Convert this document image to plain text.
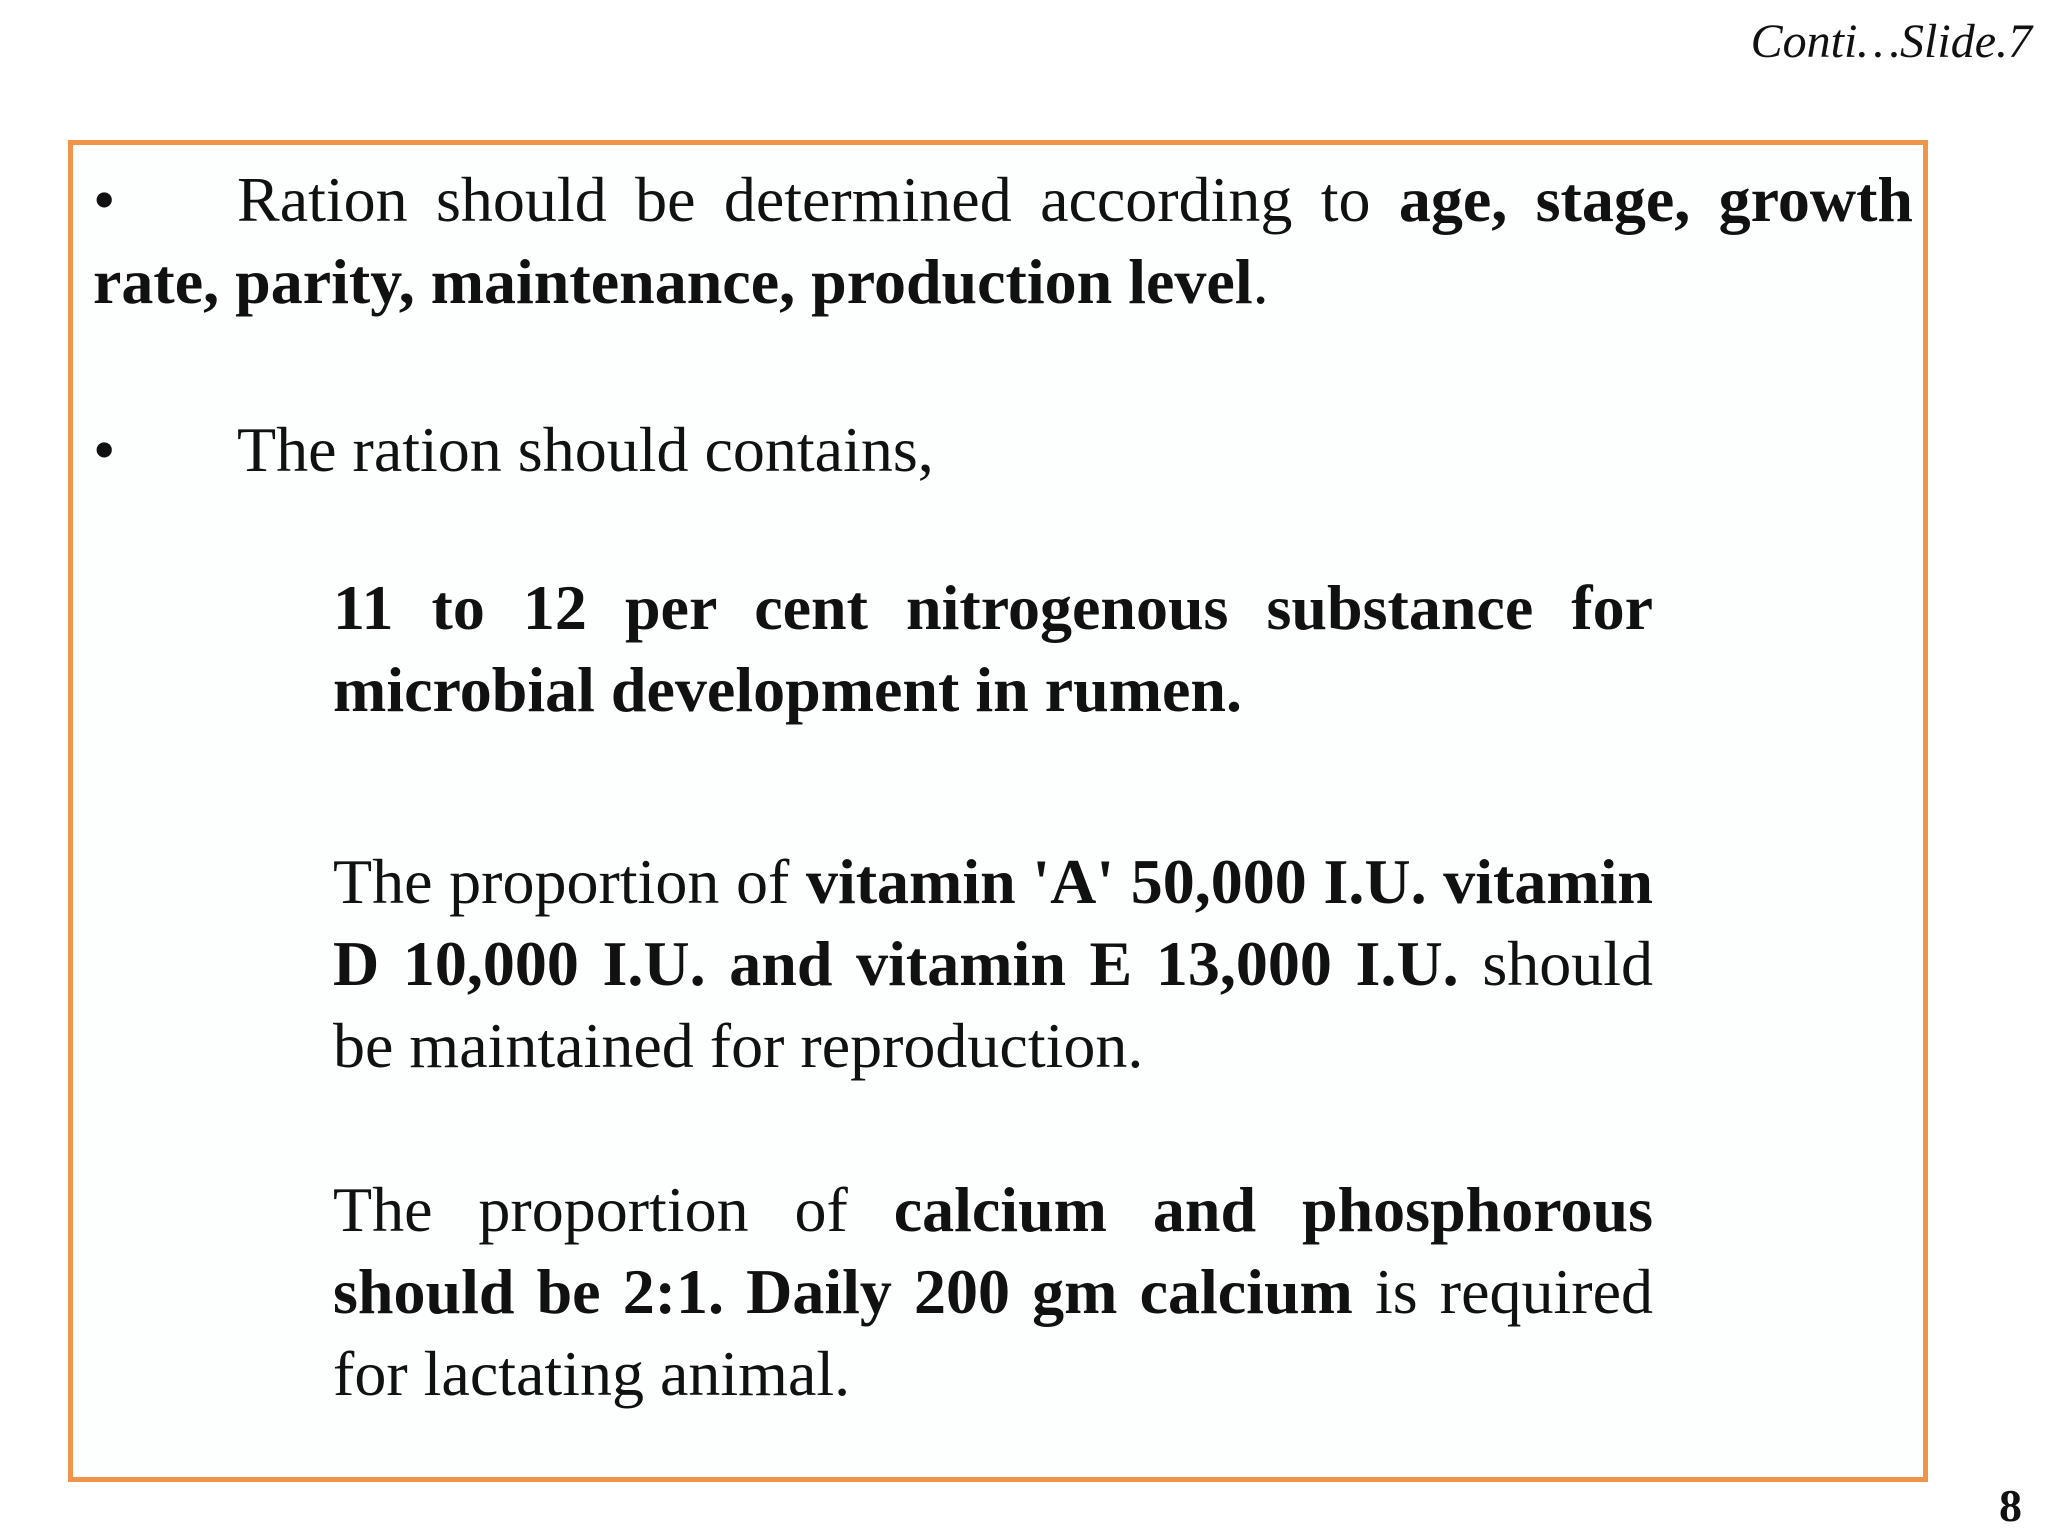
Conti…Slide.7
• Ration should be determined according to age, stage, growth rate, parity, maintenance, production level.
• The ration should contains,
11 to 12 per cent nitrogenous substance for microbial development in rumen.
The proportion of vitamin 'A' 50,000 I.U. vitamin D 10,000 I.U. and vitamin E 13,000 I.U. should be maintained for reproduction.
The proportion of calcium and phosphorous should be 2:1. Daily 200 gm calcium is required for lactating animal.
8
